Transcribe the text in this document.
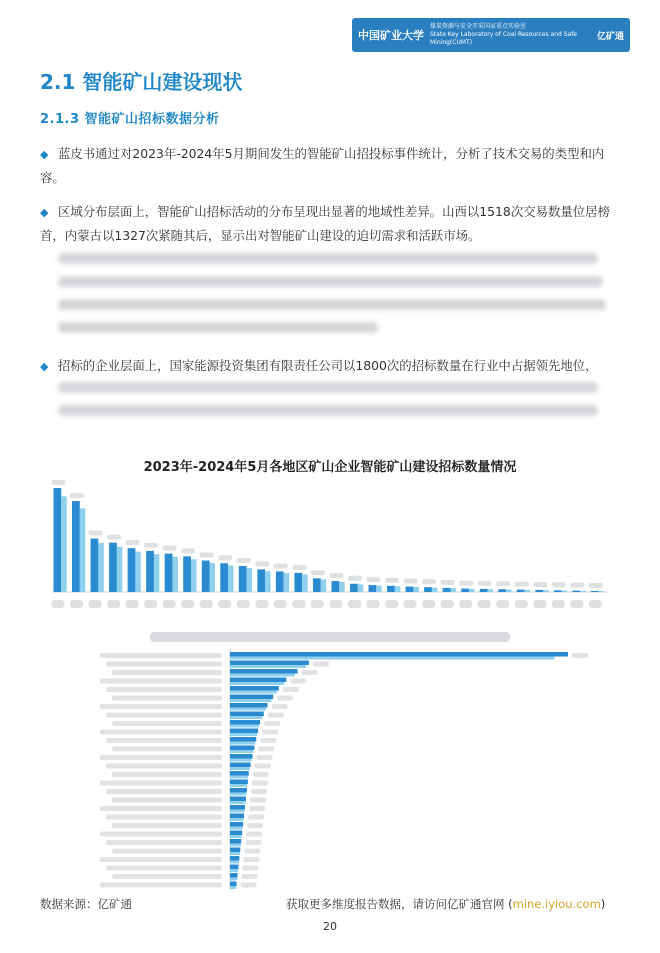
中国矿业大学
煤炭资源与安全开采国家重点实验室
State Key Laboratory of Coal Resources and Safe Mining(CUMT)
亿矿通
2.1 智能矿山建设现状
2.1.3 智能矿山招标数据分析
◆ 蓝皮书通过对2023年-2024年5月期间发生的智能矿山招投标事件统计，分析了技术交易的类型和内容。
◆ 区域分布层面上，智能矿山招标活动的分布呈现出显著的地域性差异。山西以1518次交易数量位居榜首，内蒙古以1327次紧随其后，显示出对智能矿山建设的迫切需求和活跃市场。
◆ 招标的企业层面上，国家能源投资集团有限责任公司以1800次的招标数量在行业中占据领先地位，
2023年-2024年5月各地区矿山企业智能矿山建设招标数量情况
数据来源：亿矿通	获取更多维度报告数据，请访问亿矿通官网 (mine.iyiou.com)
20
